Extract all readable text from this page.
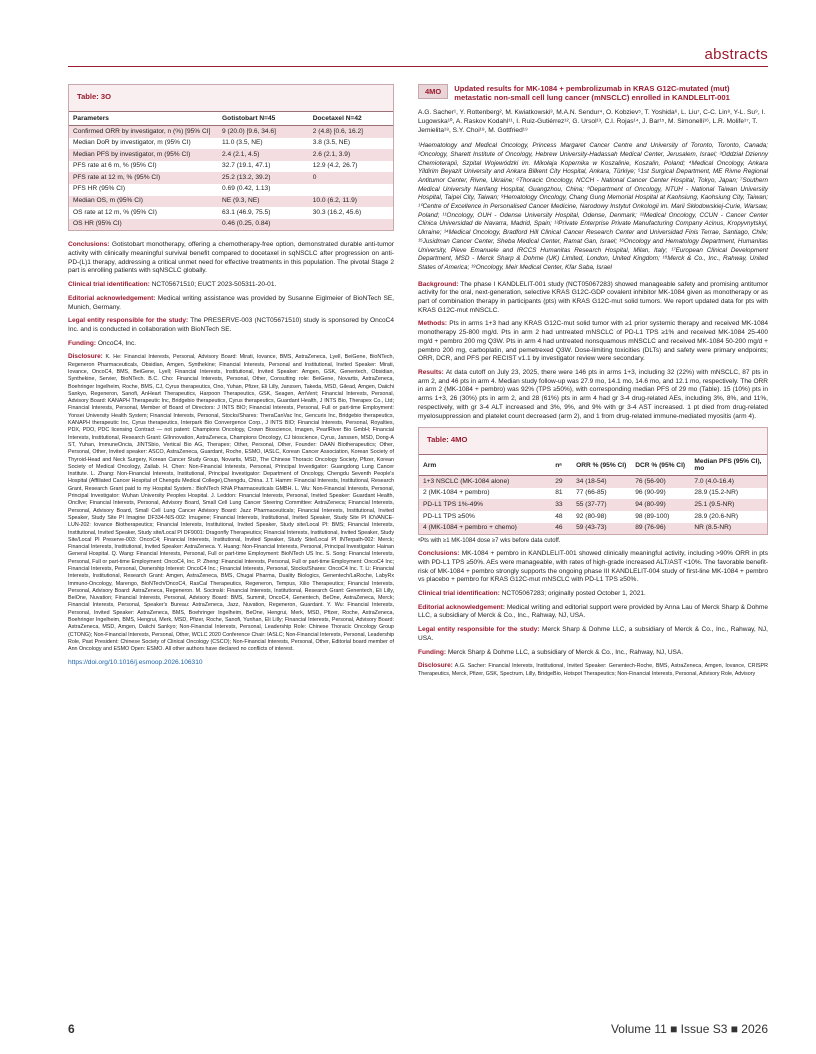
abstracts
Table: 3O
Parameters	Gotistobart N=45	Docetaxel N=42
Confirmed ORR by investigator, n (%) [95% CI]	9 (20.0) [9.6, 34.6]	2 (4.8) [0.6, 16.2]
Median DoR by investigator, m (95% CI)	11.0 (3.5, NE)	3.8 (3.5, NE)
Median PFS by investigator, m (95% CI)	2.4 (2.1, 4.5)	2.6 (2.1, 3.9)
PFS rate at 6 m, % (95% CI)	32.7 (19.1, 47.1)	12.9 (4.2, 26.7)
PFS rate at 12 m, % (95% CI)	25.2 (13.2, 39.2)	0
PFS HR (95% CI)	0.69 (0.42, 1.13)	
Median OS, m (95% CI)	NE (9.3, NE)	10.0 (6.2, 11.9)
OS rate at 12 m, % (95% CI)	63.1 (46.9, 75.5)	30.3 (16.2, 45.6)
OS HR (95% CI)	0.46 (0.25, 0.84)	

Conclusions: Gotistobart monotherapy, offering a chemotherapy-free option, demonstrated durable anti-tumor activity with clinically meaningful survival benefit compared to docetaxel in sqNSCLC after progression on anti-PD-(L)1 therapy, addressing a critical unmet need for effective treatments in this population. The pivotal Stage 2 part is enrolling patients with sqNSCLC globally.

Clinical trial identification: NCT05671510; EUCT 2023-505311-20-01.

Editorial acknowledgement: Medical writing assistance was provided by Susanne Eiglmeier of BioNTech SE, Munich, Germany.

Legal entity responsible for the study: The PRESERVE-003 (NCT05671510) study is sponsored by OncoC4 Inc. and is conducted in collaboration with BioNTech SE.

Funding: OncoC4, Inc.

Disclosure: K. He: Financial Interests, Personal, Advisory Board: Mirati, Iovance, BMS, AstraZeneca, Lyell, BeiGene, BioNTech, Regeneron Pharmaceuticals, Obsidian, Amgen, Synthekine; Financial Interests, Personal and Institutional, Invited Speaker: Mirati, Iovance, OncoC4, BMS, BeiGene, Lyell; Financial Interests, Institutional, Invited Speaker: Amgen, GSK, Genentech, Obsidian, Synthekine, Servier, BioNTech. B.C. Cho: Financial Interests, Personal, Other, Consulting role: BeiGene, Novartis, AstraZeneca, Boehringer Ingelheim, Roche, BMS, CJ, Cyrus therapeutics, Ono, Yuhan, Pfizer, Eli Lilly, Janssen, Takeda, MSD, Gilead, Amgen, Daiichi Sankyo, Regeneron, Sanofi, AnHeart Therapeutics, Harpoon Therapeutics, GSK, Seagen, ArriVent; Financial Interests, Personal, Advisory Board: KANAPH Therapeutic Inc, Bridgebio therapeutics, Cyrus therapeutics, Guardant Health, J INTS Bio, Therapex Co., Ltd; Financial Interests, Personal, Member of Board of Directors: J INTS BIO; Financial Interests, Personal, Full or part-time Employment: Yonsei University Health System; Financial Interests, Personal, Stocks/Shares: TheraCanVac Inc, Gencurix Inc, Bridgebio therapeutics, KANAPH therapeutic Inc, Cyrus therapeutics, Interpark Bio Convergence Corp., J INTS BIO; Financial Interests, Personal, Royalties, PDX, PDO, PDC licensing Contract — not patent: Champions Oncology, Crown Bioscience, Imagen, PearlRiver Bio GmbH; Financial Interests, Institutional, Research Grant: GIInnovation, AstraZeneca, Champions Oncology, CJ bioscience, Cyrus, Janssen, MSD, Dong-A ST, Yuhan, ImmuneOncia, JINTSbio, Vertical Bio AG, Therapex; Other, Personal, Other, Founder: DAAN Biotherapeutics; Other, Personal, Other, Invited speaker: ASCO, AstraZeneca, Guardant, Roche, ESMO, IASLC, Korean Cancer Association, Korean Society of Thyroid-Head and Neck Surgery, Korean Cancer Study Group, Novartis, MSD, The Chinese Thoracic Oncology Society, Pfizer, Korean Society of Medical Oncology, Zailab. H. Chen: Non-Financial Interests, Personal, Principal Investigator: Guangdong Lung Cancer Institute. L. Zhang: Non-Financial Interests, Institutional, Principal Investigator: Department of Oncology, Chengdu Seventh People's Hospital (Affiliated Cancer Hospital of Chengdu Medical College),Chengdu, China. J.T. Hamm: Financial Interests, Institutional, Research Grant, Research Grant paid to my Hospital System.: BioNTech RNA Pharmaceuticals GMBH. L. Wu: Non-Financial Interests, Personal, Principal Investigator: Wuhan University Peoples Hospital. J. Leddon: Financial Interests, Personal, Invited Speaker: Guardant Health, Oncllve; Financial Interests, Personal, Advisory Board, Small Cell Lung Cancer Steering Committee: AstraZeneca; Financial Interests, Personal, Advisory Board, Small Cell Lung Cancer Advisory Board: Jazz Pharmaceuticals; Financial Interests, Institutional, Invited Speaker, Study Site PI Imagine DF334-NIS-002: Imugene; Financial Interests, Institutional, Invited Speaker, Study Site PI IOVANCE-LUN-202: Iovance Biotherapeutics; Financial Interests, Institutional, Invited Speaker, Study site/Local PI: BMS; Financial Interests, Institutional, Invited Speaker, Study site/Local PI DF9001: Dragonfly Therapeutics; Financial Interests, Institutional, Invited Speaker, Study Site/Local PI Preserve-003: OncoC4; Financial Interests, Institutional, Invited Speaker, Study Site/Local PI INTerpath-002: Merck; Financial Interests, Institutional, Invited Speaker: AstraZeneca. Y. Huang: Non-Financial Interests, Personal, Principal Investigator: Hainan General Hospital. Q. Wang: Financial Interests, Personal, Full or part-time Employment: BioNTech US Inc. S. Song: Financial Interests, Personal, Full or part-time Employment: OncoC4, Inc. P. Zheng: Financial Interests, Personal, Full or part-time Employment: OncoC4 Inc; Financial Interests, Personal, Ownership Interest: OncoC4 Inc.; Financial Interests, Personal, Stocks/Shares: OncoC4 Inc. T. Li: Financial Interests, Institutional, Research Grant: Amgen, AstraZeneca, BMS, Chugai Pharma, Duality Biologics, Genentech/LaRoche, LabyRx Immuno-Oncology, Marengo, BioNTech/OncoC4, RasCal Therapeutics, Regeneron, Tempus, Xilio Therapeutics; Financial Interests, Personal, Advisory Board: AstraZeneca, Regeneron. M. Socinski: Financial Interests, Institutional, Research Grant: Genentech, Eli Lilly, BeiOne, Nuvation; Financial Interests, Personal, Advisory Board: BMS, Summit, OncoC4, Genentech, BeOne, AstraZeneca, Merck; Financial Interests, Personal, Speaker's Bureau: AstraZeneca, Jazz, Nuvation, Regeneron, Guardant. Y. Wu: Financial Interests, Personal, Invited Speaker: AstraZeneca, BMS, Boehringer Ingelheim, BeOne, Hengrui, Merk, MSD, Pfizer, Roche, AstraZeneca, Boehringer Ingelheim, BMS, Hengrui, Merk, MSD, Pfizer, Roche, Sanofi, Yunhan, Eli Lilly; Financial Interests, Personal, Advisory Board: AstraZeneca, MSD, Amgen, Daiichi Sankyo; Non-Financial Interests, Personal, Leadership Role: Chinese Thoracic Oncology Group (CTONG); Non-Financial Interests, Personal, Other, WCLC 2020 Conference Chair: IASLC; Non-Financial Interests, Personal, Leadership Role, Past President: Chinese Society of Clinical Oncology (CSCO); Non-Financial Interests, Personal, Other, Editorial board member of Ann Oncology and ESMO Open: ESMO. All other authors have declared no conflicts of interest.

https://doi.org/10.1016/j.esmoop.2026.106310
4MO	Updated results for MK-1084 + pembrolizumab in KRAS G12C-mutated (mut) metastatic non-small cell lung cancer (mNSCLC) enrolled in KANDLELIT-001
A.G. Sacher¹, Y. Rottenberg², M. Kwiatkowski³, M.A.N. Sendur⁴, O. Kobziev⁵, T. Yoshida⁶, L. Liu⁷, C-C. Lin⁸, Y-L. Su⁹, I. Lugowska¹⁰, A. Raskov Kodahl¹¹, I. Ruiz-Gutiérrez¹², G. Ursol¹³, C.I. Rojas¹⁴, J. Bar¹⁵, M. Simonelli¹⁶, L.R. Molife¹⁷, T. Jemielita¹⁸, S.Y. Choi¹⁸, M. Gottfried¹⁹
¹Haematology and Medical Oncology, Princess Margaret Cancer Centre and University of Toronto, Toronto, Canada; ²Oncology, Sharett Institute of Oncology, Hebrew University-Hadassah Medical Center, Jerusalem, Israel; ³Oddział Dzienny Chemioterapii, Szpital Wojewódzki im. Mikołaja Kopernika w Koszalinie, Koszalin, Poland; ⁴Medical Oncology, Ankara Yildirim Beyazit University and Ankara Bilkent City Hospital, Ankara, Türkiye; ⁵1st Surgical Department, ME Rivne Regional Antitumor Center, Rivne, Ukraine; ⁶Thoracic Oncology, NCCH - National Cancer Center Hospital, Tokyo, Japan; ⁷Southern Medical University Nanfang Hospital, Guangzhou, China; ⁸Department of Oncology, NTUH - National Taiwan University Hospital, Taipei City, Taiwan; ⁹Hematology Oncology, Chang Gung Memorial Hospital at Kaohsiung, Kaohsiung City, Taiwan; ¹⁰Centre of Excellence in Personalised Cancer Medicine, Narodowy Instytut Onkologii im. Marii Skłodowskiej-Curie, Warsaw, Poland; ¹¹Oncology, OUH - Odense University Hospital, Odense, Denmark; ¹²Medical Oncology, CCUN - Cancer Center Clinica Universidad de Navarra, Madrid, Spain; ¹³Private Enterprise Private Manufacturing Company Acinus, Kropyvnytskyi, Ukraine; ¹⁴Medical Oncology, Bradford Hill Clinical Cancer Research Center and Universidad Finis Terrae, Santiago, Chile; ¹⁵Jusidman Cancer Center, Sheba Medical Center, Ramat Gan, Israel; ¹⁶Oncology and Hematology Department, Humanitas University, Pieve Emanuele and IRCCS Humanitas Research Hospital, Milan, Italy; ¹⁷European Clinical Development Department, MSD - Merck Sharp & Dohme (UK) Limited, London, United Kingdom; ¹⁸Merck & Co., Inc., Rahway, United States of America; ¹⁹Oncology, Meir Medical Center, Kfar Saba, Israel

Background: The phase I KANDLELIT-001 study (NCT05067283) showed manageable safety and promising antitumor activity for the oral, next-generation, selective KRAS G12C-GDP covalent inhibitor MK-1084 given as monotherapy or as part of combination therapy in participants (pts) with KRAS G12C-mut solid tumors. We report updated data for pts with KRAS G12C-mut mNSCLC.

Methods: Pts in arms 1+3 had any KRAS G12C-mut solid tumor with ≥1 prior systemic therapy and received MK-1084 monotherapy 25-800 mg/d. Pts in arm 2 had untreated mNSCLC of PD-L1 TPS ≥1% and received MK-1084 25-400 mg/d + pembro 200 mg Q3W. Pts in arm 4 had untreated nonsquamous mNSCLC and received MK-1084 50-200 mg/d + pembro 200 mg, carboplatin, and pemetrexed Q3W. Dose-limiting toxicities (DLTs) and safety were primary endpoints; ORR, DCR, and PFS per RECIST v1.1 by investigator review were secondary.

Results: At data cutoff on July 23, 2025, there were 146 pts in arms 1+3, including 32 (22%) with mNSCLC, 87 pts in arm 2, and 46 pts in arm 4. Median study follow-up was 27.9 mo, 14.1 mo, 14.6 mo, and 12.1 mo, respectively. The ORR in arm 2 (MK-1084 + pembro) was 92% (TPS ≥50%), with corresponding median PFS of 29 mo (Table). 15 (10%) pts in arms 1+3, 26 (30%) pts in arm 2, and 28 (61%) pts in arm 4 had gr 3-4 drug-related AEs, including 3%, 8%, and 11%, respectively, with gr 3-4 ALT increased and 3%, 9%, and 9% with gr 3-4 AST increased. 1 pt died from drug-related myelosuppression and platelet count decreased (arm 2), and 1 from drug-related immune-mediated myositis (arm 4).

Table: 4MO
Arm	nᵃ	ORR % (95% CI)	DCR % (95% CI)	Median PFS (95% CI), mo
1+3 NSCLC (MK-1084 alone)	29	34 (18-54)	76 (56-90)	7.0 (4.0-16.4)
2 (MK-1084 + pembro)	81	77 (66-85)	96 (90-99)	28.9 (15.2-NR)
PD-L1 TPS 1%-49%	33	55 (37-77)	94 (80-99)	25.1 (9.5-NR)
PD-L1 TPS ≥50%	48	92 (80-98)	98 (89-100)	28.9 (20.6-NR)
4 (MK-1084 + pembro + chemo)	46	59 (43-73)	89 (76-96)	NR (8.5-NR)
ᵃPts with ≥1 MK-1084 dose ≥7 wks before data cutoff.

Conclusions: MK-1084 + pembro in KANDLELIT-001 showed clinically meaningful activity, including >90% ORR in pts with PD-L1 TPS ≥50%. AEs were manageable, with rates of high-grade increased ALT/AST <10%. The favorable benefit-risk of MK-1084 + pembro strongly supports the ongoing phase III KANDLELIT-004 study of first-line MK-1084 + pembro vs placebo + pembro for KRAS G12C-mut mNSCLC with PD-L1 TPS ≥50%.

Clinical trial identification: NCT05067283; originally posted October 1, 2021.

Editorial acknowledgement: Medical writing and editorial support were provided by Anna Lau of Merck Sharp & Dohme LLC, a subsidiary of Merck & Co., Inc., Rahway, NJ, USA.

Legal entity responsible for the study: Merck Sharp & Dohme LLC, a subsidiary of Merck & Co., Inc., Rahway, NJ, USA.

Funding: Merck Sharp & Dohme LLC, a subsidiary of Merck & Co., Inc., Rahway, NJ, USA.

Disclosure: A.G. Sacher: Financial Interests, Institutional, Invited Speaker: Genentech-Roche, BMS, AstraZeneca, Amgen, Iovance, CRISPR Therapeutics, Merck, Pfizer, GSK, Spectrum, Lilly, BridgeBio, Hotspot Therapeutics; Non-Financial Interests, Personal, Advisory Role, Advisory

6	Volume 11 ■ Issue S3 ■ 2026
